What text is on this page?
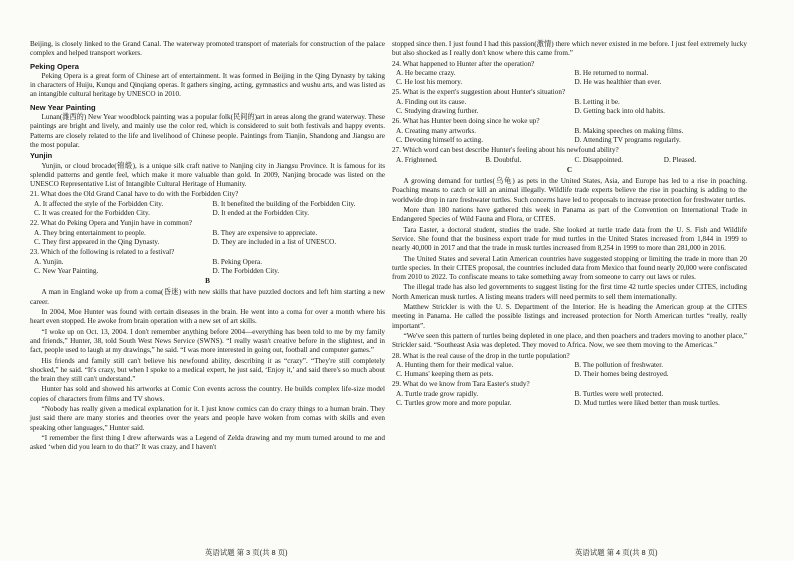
Beijing, is closely linked to the Grand Canal. The waterway promoted transport of materials for construction of the palace complex and helped transport workers.

Peking Opera

Peking Opera is a great form of Chinese art of entertainment. It was formed in Beijing in the Qing Dynasty by taking in characters of Huiju, Kunqu and Qinqiang operas. It gathers singing, acting, gymnastics and wushu arts, and was listed as an intangible cultural heritage by UNESCO in 2010.

New Year Painting

Lunan(潍西的) New Year woodblock painting was a popular folk(民间的)art in areas along the grand waterway. These paintings are bright and lively, and mainly use the color red, which is considered to suit both festivals and happy events. Patterns are closely related to the life and livelihood of Chinese people. Paintings from Tianjin, Shandong and Jiangsu are the most popular.

Yunjin

Yunjin, or cloud brocade(锦缎), is a unique silk craft native to Nanjing city in Jiangsu Province. It is famous for its splendid patterns and gentle feel, which make it more valuable than gold. In 2009, Nanjing brocade was listed on the UNESCO Representative List of Intangible Cultural Heritage of Humanity.

21. What does the Old Grand Canal have to do with the Forbidden City?
A. It affected the style of the Forbidden City.	B. It benefited the building of the Forbidden City.
C. It was created for the Forbidden City.	D. It ended at the Forbidden City.
22. What do Peking Opera and Yunjin have in common?
A. They bring entertainment to people.	B. They are expensive to appreciate.
C. They first appeared in the Qing Dynasty.	D. They are included in a list of UNESCO.
23. Which of the following is related to a festival?
A. Yunjin.	B. Peking Opera.
C. New Year Painting.	D. The Forbidden City.
B

A man in England woke up from a coma(昏迷) with new skills that have puzzled doctors and left him starting a new career.

In 2004, Moe Hunter was found with certain diseases in the brain. He went into a coma for over a month where his heart even stopped. He awoke from brain operation with a new set of art skills.

“I woke up on Oct. 13, 2004. I don't remember anything before 2004—everything has been told to me by my family and friends,” Hunter, 38, told South West News Service (SWNS). “I really wasn't creative before in the slightest, and in fact, people used to laugh at my drawings,” he said. “I was more interested in going out, football and computer games.”

His friends and family still can't believe his newfound ability, describing it as “crazy”. “They're still completely shocked,” he said. “It's crazy, but when I spoke to a medical expert, he just said, ‘Enjoy it,’ and said there's so much about the brain they still can't understand.”

Hunter has sold and showed his artworks at Comic Con events across the country. He builds complex life-size model copies of characters from films and TV shows.

“Nobody has really given a medical explanation for it. I just know comics can do crazy things to a human brain. They just said there are many stories and theories over the years and people have woken from comas with skills and even speaking other languages,” Hunter said.

“I remember the first thing I drew afterwards was a Legend of Zelda drawing and my mum turned around to me and asked ‘when did you learn to do that?’ It was crazy, and I haven't

英语试题 第 3 页(共 8 页)

stopped since then. I just found I had this passion(激情) there which never existed in me before. I just feel extremely lucky but also shocked as I really don't know where this came from.”

24. What happened to Hunter after the operation?
A. He became crazy.	B. He returned to normal.
C. He lost his memory.	D. He was healthier than ever.
25. What is the expert's suggestion about Hunter's situation?
A. Finding out its cause.	B. Letting it be.
C. Studying drawing further.	D. Getting back into old habits.
26. What has Hunter been doing since he woke up?
A. Creating many artworks.	B. Making speeches on making films.
C. Devoting himself to acting.	D. Attending TV programs regularly.
27. Which word can best describe Hunter's feeling about his newfound ability?
A. Frightened.	B. Doubtful.	C. Disappointed.	D. Pleased.
C

A growing demand for turtles(乌龟) as pets in the United States, Asia, and Europe has led to a rise in poaching. Poaching means to catch or kill an animal illegally. Wildlife trade experts believe the rise in poaching is adding to the worldwide drop in rare freshwater turtles. Such concerns have led to proposals to increase protection for freshwater turtles.

More than 180 nations have gathered this week in Panama as part of the Convention on International Trade in Endangered Species of Wild Fauna and Flora, or CITES.

Tara Easter, a doctoral student, studies the trade. She looked at turtle trade data from the U. S. Fish and Wildlife Service. She found that the business export trade for mud turtles in the United States increased from 1,844 in 1999 to nearly 40,000 in 2017 and that the trade in musk turtles increased from 8,254 in 1999 to more than 281,000 in 2016.

The United States and several Latin American countries have suggested stopping or limiting the trade in more than 20 turtle species. In their CITES proposal, the countries included data from Mexico that found nearly 20,000 were confiscated from 2010 to 2022. To confiscate means to take something away from someone to carry out laws or rules.

The illegal trade has also led governments to suggest listing for the first time 42 turtle species under CITES, including North American musk turtles. A listing means traders will need permits to sell them internationally.

Matthew Strickler is with the U. S. Department of the Interior. He is heading the American group at the CITES meeting in Panama. He called the possible listings and increased protection for North American turtles “really, really important”.

“We've seen this pattern of turtles being depleted in one place, and then poachers and traders moving to another place,” Strickler said. “Southeast Asia was depleted. They moved to Africa. Now, we see them moving to the Americas.”

28. What is the real cause of the drop in the turtle population?
A. Hunting them for their medical value.	B. The pollution of freshwater.
C. Humans' keeping them as pets.	D. Their homes being destroyed.
29. What do we know from Tara Easter's study?
A. Turtle trade grow rapidly.	B. Turtles were well protected.
C. Turtles grow more and more popular.	D. Mud turtles were liked better than musk turtles.
英语试题 第 4 页(共 8 页)
